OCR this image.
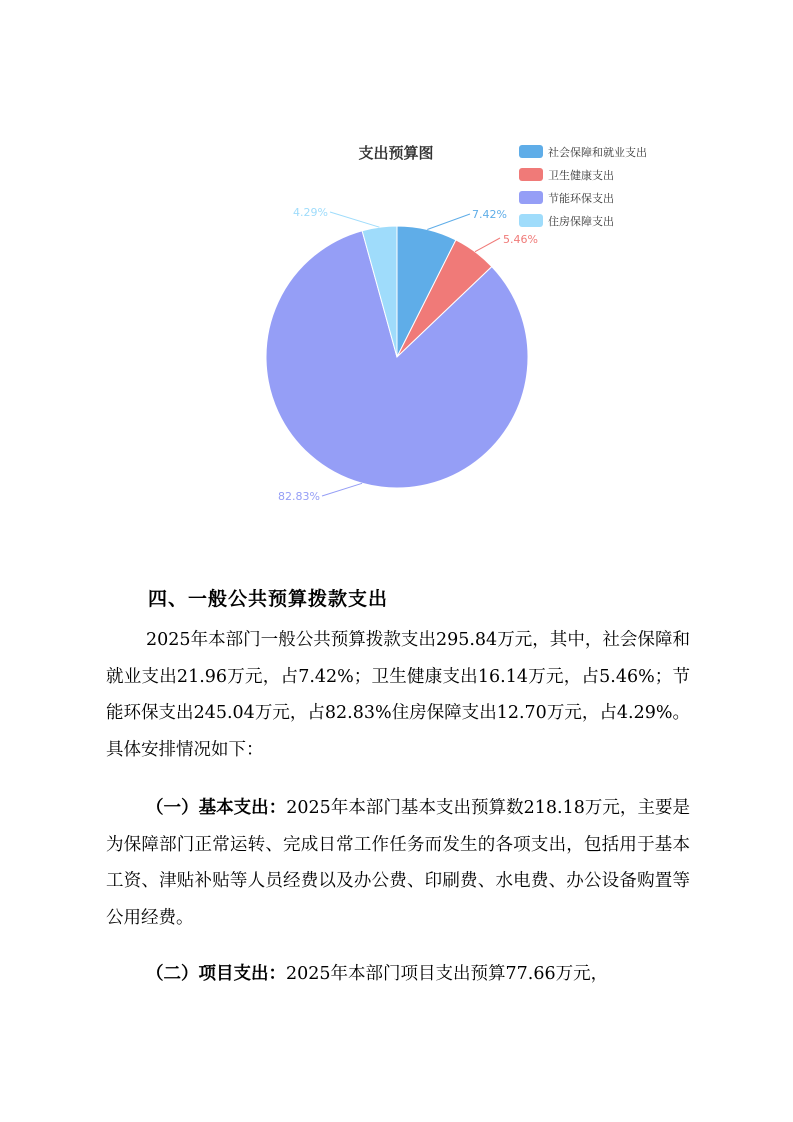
支出预算图	社会保障和就业支出
卫生健康支出
节能环保支出
住房保障支出
7.42%
5.46%
82.83%
4.29%
四、一般公共预算拨款支出

2025年本部门一般公共预算拨款支出295.84万元，其中，社会保障和就业支出21.96万元，占7.42%；卫生健康支出16.14万元，占5.46%；节能环保支出245.04万元，占82.83%住房保障支出12.70万元，占4.29%。具体安排情况如下：

（一）基本支出：2025年本部门基本支出预算数218.18万元，主要是为保障部门正常运转、完成日常工作任务而发生的各项支出，包括用于基本工资、津贴补贴等人员经费以及办公费、印刷费、水电费、办公设备购置等公用经费。

（二）项目支出：2025年本部门项目支出预算77.66万元，
